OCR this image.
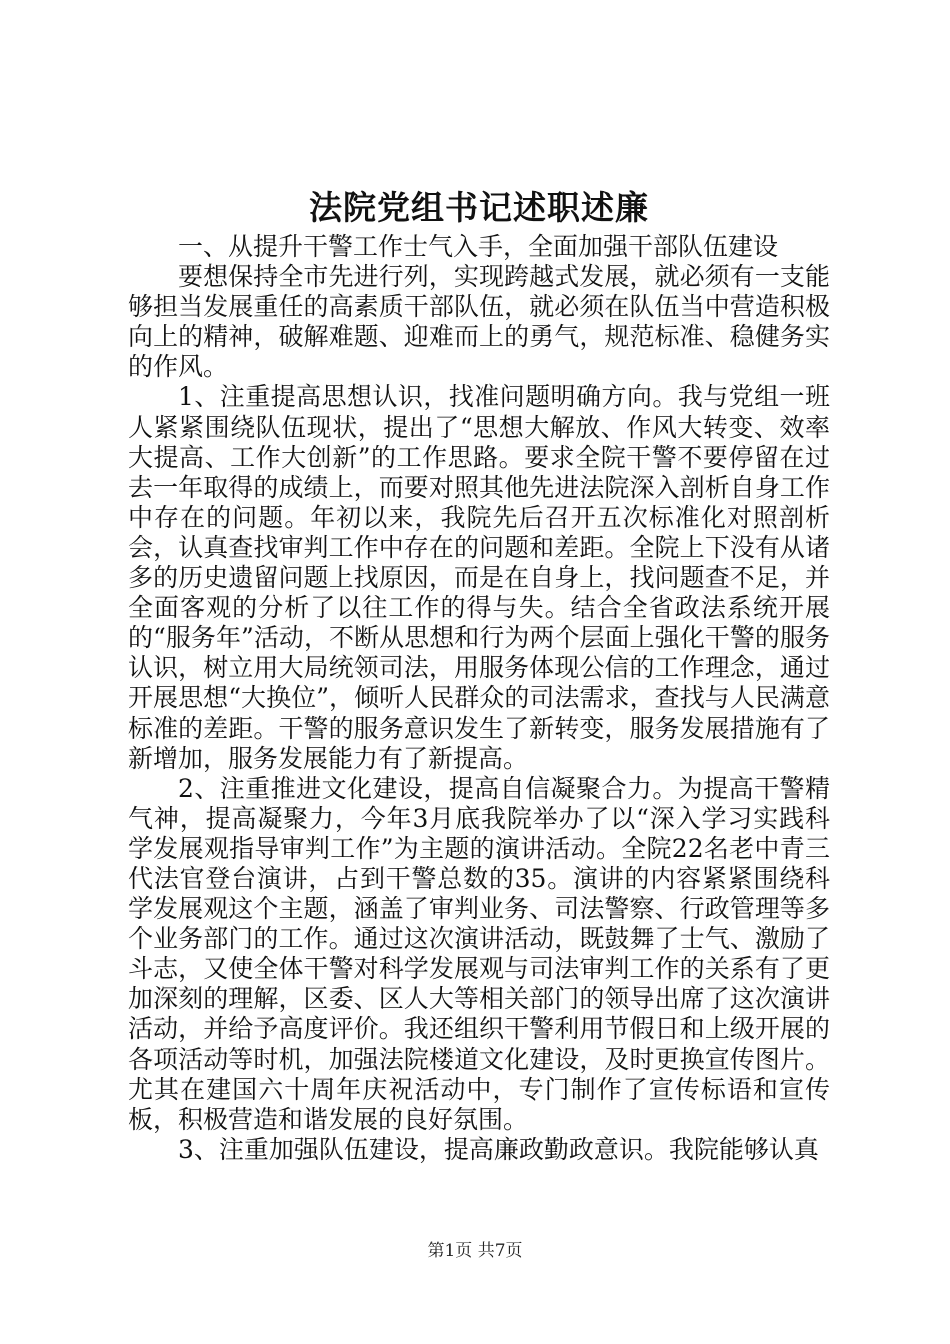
法院党组书记述职述廉

一、从提升干警工作士气入手，全面加强干部队伍建设

要想保持全市先进行列，实现跨越式发展，就必须有一支能够担当发展重任的高素质干部队伍，就必须在队伍当中营造积极向上的精神，破解难题、迎难而上的勇气，规范标准、稳健务实的作风。

1、注重提高思想认识，找准问题明确方向。我与党组一班人紧紧围绕队伍现状，提出了“思想大解放、作风大转变、效率大提高、工作大创新”的工作思路。要求全院干警不要停留在过去一年取得的成绩上，而要对照其他先进法院深入剖析自身工作中存在的问题。年初以来，我院先后召开五次标准化对照剖析会，认真查找审判工作中存在的问题和差距。全院上下没有从诸多的历史遗留问题上找原因，而是在自身上，找问题查不足，并全面客观的分析了以往工作的得与失。结合全省政法系统开展的“服务年”活动，不断从思想和行为两个层面上强化干警的服务认识，树立用大局统领司法，用服务体现公信的工作理念，通过开展思想“大换位”，倾听人民群众的司法需求，查找与人民满意标准的差距。干警的服务意识发生了新转变，服务发展措施有了新增加，服务发展能力有了新提高。

2、注重推进文化建设，提高自信凝聚合力。为提高干警精气神，提高凝聚力，今年3月底我院举办了以“深入学习实践科学发展观指导审判工作”为主题的演讲活动。全院22名老中青三代法官登台演讲，占到干警总数的35。演讲的内容紧紧围绕科学发展观这个主题，涵盖了审判业务、司法警察、行政管理等多个业务部门的工作。通过这次演讲活动，既鼓舞了士气、激励了斗志，又使全体干警对科学发展观与司法审判工作的关系有了更加深刻的理解，区委、区人大等相关部门的领导出席了这次演讲活动，并给予高度评价。我还组织干警利用节假日和上级开展的各项活动等时机，加强法院楼道文化建设，及时更换宣传图片。尤其在建国六十周年庆祝活动中，专门制作了宣传标语和宣传板，积极营造和谐发展的良好氛围。

3、注重加强队伍建设，提高廉政勤政意识。我院能够认真

第1页 共7页
